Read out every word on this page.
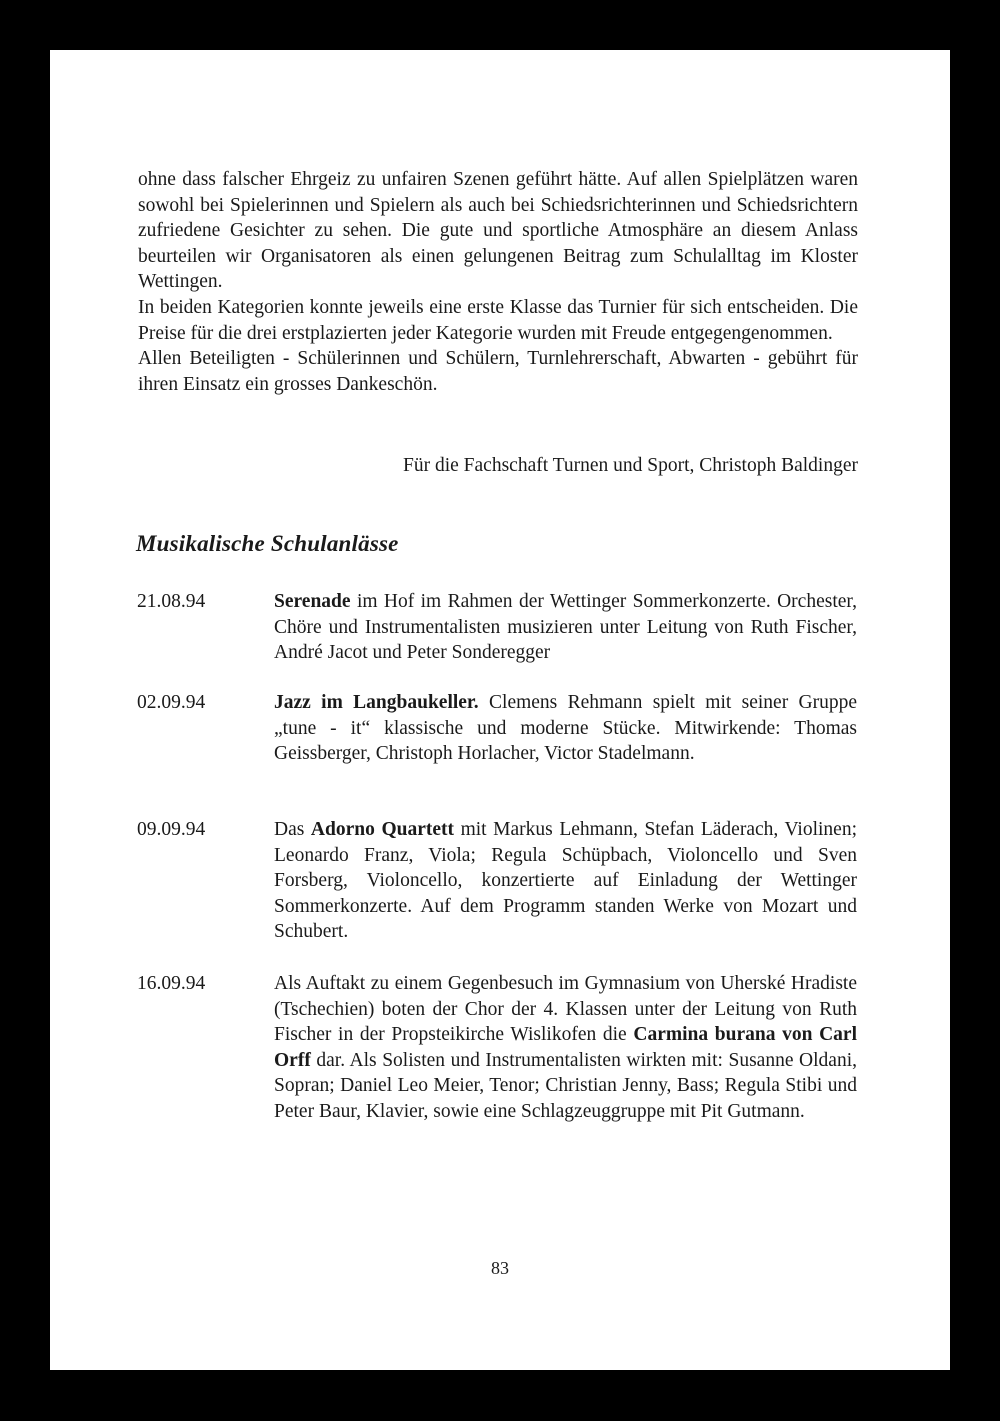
ohne dass falscher Ehrgeiz zu unfairen Szenen geführt hätte. Auf allen Spielplätzen waren sowohl bei Spielerinnen und Spielern als auch bei Schiedsrichterinnen und Schiedsrichtern zufriedene Gesichter zu sehen. Die gute und sportliche Atmosphäre an diesem Anlass beurteilen wir Organisatoren als einen gelungenen Beitrag zum Schulalltag im Kloster Wettingen.

In beiden Kategorien konnte jeweils eine erste Klasse das Turnier für sich entscheiden. Die Preise für die drei erstplazierten jeder Kategorie wurden mit Freude entgegengenommen.

Allen Beteiligten - Schülerinnen und Schülern, Turnlehrerschaft, Abwarten - gebührt für ihren Einsatz ein grosses Dankeschön.

Für die Fachschaft Turnen und Sport, Christoph Baldinger

Musikalische Schulanlässe

21.08.94	Serenade im Hof im Rahmen der Wettinger Sommerkonzerte. Orchester, Chöre und Instrumentalisten musizieren unter Leitung von Ruth Fischer, André Jacot und Peter Sonderegger

02.09.94	Jazz im Langbaukeller. Clemens Rehmann spielt mit seiner Gruppe „tune - it“ klassische und moderne Stücke. Mitwirkende: Thomas Geissberger, Christoph Horlacher, Victor Stadelmann.

09.09.94	Das Adorno Quartett mit Markus Lehmann, Stefan Läderach, Violinen; Leonardo Franz, Viola; Regula Schüpbach, Violoncello und Sven Forsberg, Violoncello, konzertierte auf Einladung der Wettinger Sommerkonzerte. Auf dem Programm standen Werke von Mozart und Schubert.

16.09.94	Als Auftakt zu einem Gegenbesuch im Gymnasium von Uherské Hradiste (Tschechien) boten der Chor der 4. Klassen unter der Leitung von Ruth Fischer in der Propsteikirche Wislikofen die Carmina burana von Carl Orff dar. Als Solisten und Instrumentalisten wirkten mit: Susanne Oldani, Sopran; Daniel Leo Meier, Tenor; Christian Jenny, Bass; Regula Stibi und Peter Baur, Klavier, sowie eine Schlagzeuggruppe mit Pit Gutmann.

83
